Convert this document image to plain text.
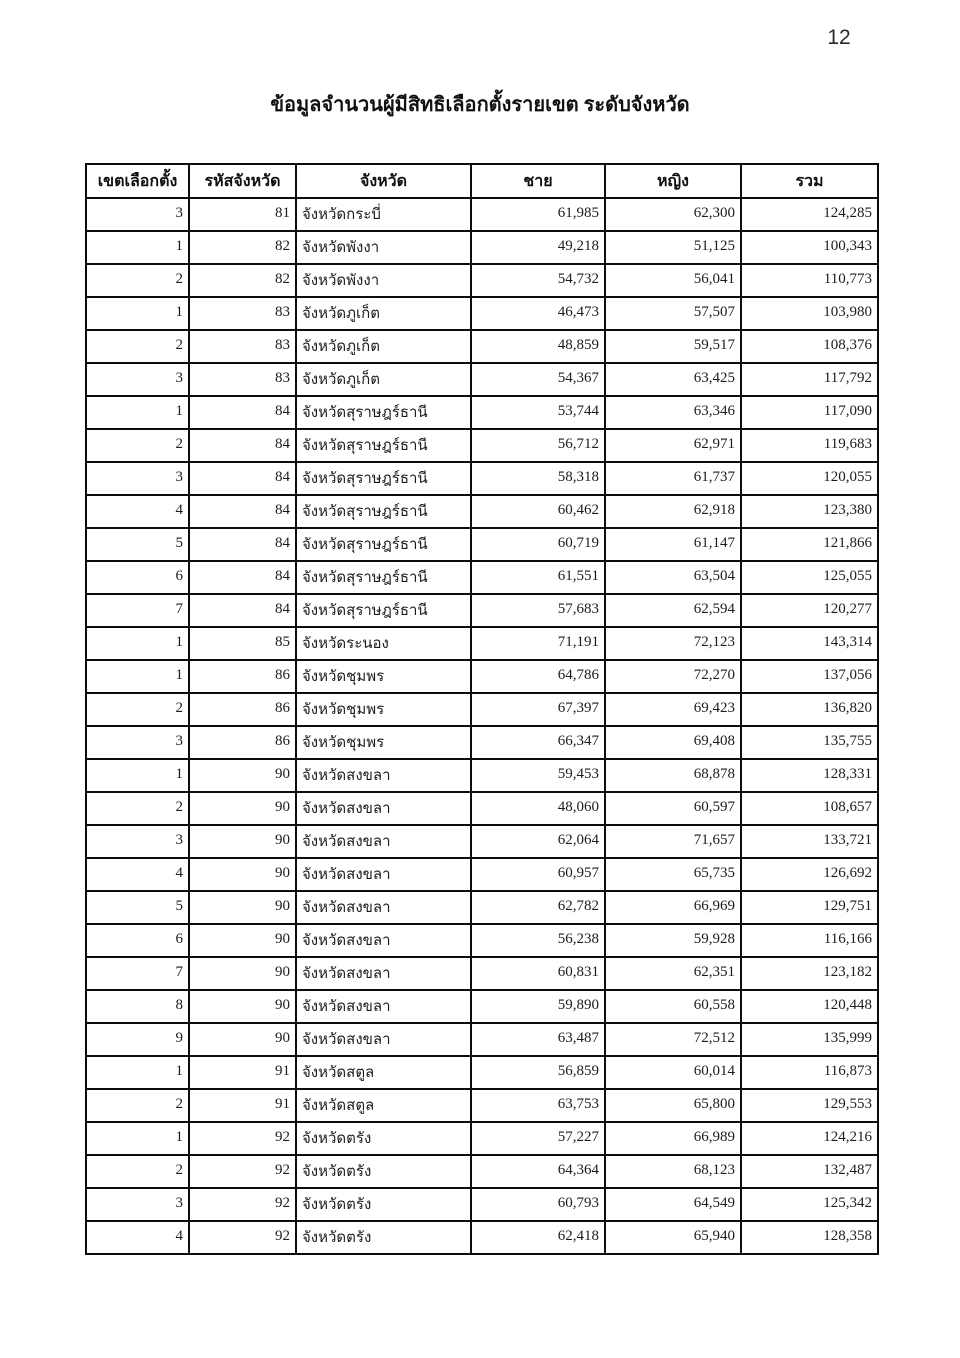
12
ข้อมูลจำนวนผู้มีสิทธิเลือกตั้งรายเขต ระดับจังหวัด
เขตเลือกตั้ง	รหัสจังหวัด	จังหวัด	ชาย	หญิง	รวม
3	81	จังหวัดกระบี่	61,985	62,300	124,285
1	82	จังหวัดพังงา	49,218	51,125	100,343
2	82	จังหวัดพังงา	54,732	56,041	110,773
1	83	จังหวัดภูเก็ต	46,473	57,507	103,980
2	83	จังหวัดภูเก็ต	48,859	59,517	108,376
3	83	จังหวัดภูเก็ต	54,367	63,425	117,792
1	84	จังหวัดสุราษฎร์ธานี	53,744	63,346	117,090
2	84	จังหวัดสุราษฎร์ธานี	56,712	62,971	119,683
3	84	จังหวัดสุราษฎร์ธานี	58,318	61,737	120,055
4	84	จังหวัดสุราษฎร์ธานี	60,462	62,918	123,380
5	84	จังหวัดสุราษฎร์ธานี	60,719	61,147	121,866
6	84	จังหวัดสุราษฎร์ธานี	61,551	63,504	125,055
7	84	จังหวัดสุราษฎร์ธานี	57,683	62,594	120,277
1	85	จังหวัดระนอง	71,191	72,123	143,314
1	86	จังหวัดชุมพร	64,786	72,270	137,056
2	86	จังหวัดชุมพร	67,397	69,423	136,820
3	86	จังหวัดชุมพร	66,347	69,408	135,755
1	90	จังหวัดสงขลา	59,453	68,878	128,331
2	90	จังหวัดสงขลา	48,060	60,597	108,657
3	90	จังหวัดสงขลา	62,064	71,657	133,721
4	90	จังหวัดสงขลา	60,957	65,735	126,692
5	90	จังหวัดสงขลา	62,782	66,969	129,751
6	90	จังหวัดสงขลา	56,238	59,928	116,166
7	90	จังหวัดสงขลา	60,831	62,351	123,182
8	90	จังหวัดสงขลา	59,890	60,558	120,448
9	90	จังหวัดสงขลา	63,487	72,512	135,999
1	91	จังหวัดสตูล	56,859	60,014	116,873
2	91	จังหวัดสตูล	63,753	65,800	129,553
1	92	จังหวัดตรัง	57,227	66,989	124,216
2	92	จังหวัดตรัง	64,364	68,123	132,487
3	92	จังหวัดตรัง	60,793	64,549	125,342
4	92	จังหวัดตรัง	62,418	65,940	128,358
